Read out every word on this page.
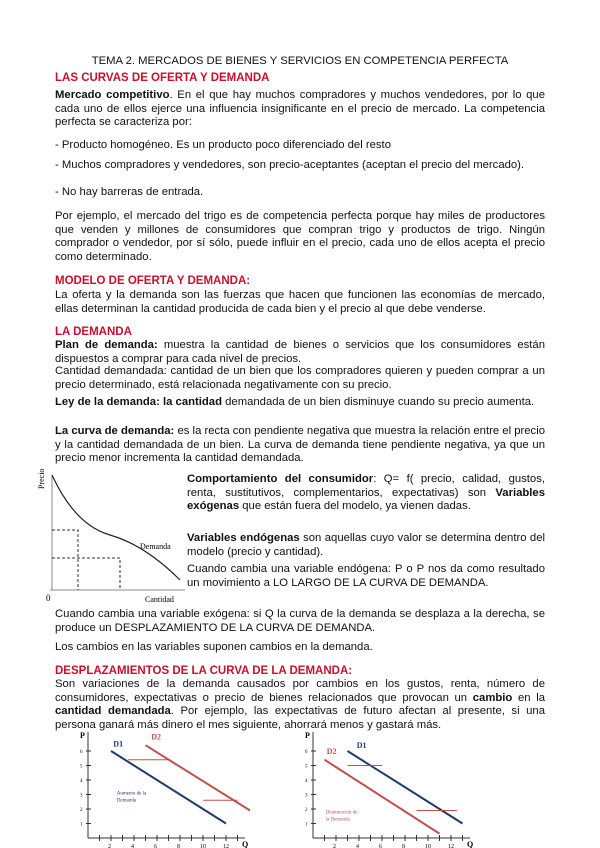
TEMA 2. MERCADOS DE BIENES Y SERVICIOS EN COMPETENCIA PERFECTA
LAS CURVAS DE OFERTA Y DEMANDA
Mercado competitivo. En el que hay muchos compradores y muchos vendedores, por lo que cada uno de ellos ejerce una influencia insignificante en el precio de mercado. La competencia perfecta se caracteriza por:
- Producto homogéneo. Es un producto poco diferenciado del resto
- Muchos compradores y vendedores, son precio-aceptantes (aceptan el precio del mercado).
- No hay barreras de entrada.
Por ejemplo, el mercado del trigo es de competencia perfecta porque hay miles de productores que venden y millones de consumidores que compran trigo y productos de trigo. Ningún comprador o vendedor, por sí sólo, puede influir en el precio, cada uno de ellos acepta el precio como determinado.
MODELO DE OFERTA Y DEMANDA:
La oferta y la demanda son las fuerzas que hacen que funcionen las economías de mercado, ellas determinan la cantidad producida de cada bien y el precio al que debe venderse.
LA DEMANDA
Plan de demanda: muestra la cantidad de bienes o servicios que los consumidores están dispuestos a comprar para cada nivel de precios.
Cantidad demandada: cantidad de un bien que los compradores quieren y pueden comprar a un precio determinado, está relacionada negativamente con su precio.
Ley de la demanda: la cantidad demandada de un bien disminuye cuando su precio aumenta.
La curva de demanda: es la recta con pendiente negativa que muestra la relación entre el precio y la cantidad demandada de un bien. La curva de demanda tiene pendiente negativa, ya que un precio menor incrementa la cantidad demandada.
Precio
Demanda
0	Cantidad
Comportamiento del consumidor: Q= f( precio, calidad, gustos, renta, sustitutivos, complementarios, expectativas) son Variables exógenas que están fuera del modelo, ya vienen dadas.
Variables endógenas son aquellas cuyo valor se determina dentro del modelo (precio y cantidad).
Cuando cambia una variable endógena: P o P nos da como resultado un movimiento a LO LARGO DE LA CURVA DE DEMANDA.
Cuando cambia una variable exógena: si Q la curva de la demanda se desplaza a la derecha, se produce un DESPLAZAMIENTO DE LA CURVA DE DEMANDA.
Los cambios en las variables suponen cambios en la demanda.
DESPLAZAMIENTOS DE LA CURVA DE LA DEMANDA:
Son variaciones de la demanda causados por cambios en los gustos, renta, número de consumidores, expectativas o precio de bienes relacionados que provocan un cambio en la cantidad demandada. Por ejemplo, las expectativas de futuro afectan al presente, si una persona ganará más dinero el mes siguiente, ahorrará menos y gastará más.
P
Q
1
2
3
4
5
6
2	4	6	8	10	12
D1
D2
Aumento de la
Demanda
P
Q
1
2
3
4
5
6
2	4	6	8	10	12
D1
D2
Disminución de
la Demanda
